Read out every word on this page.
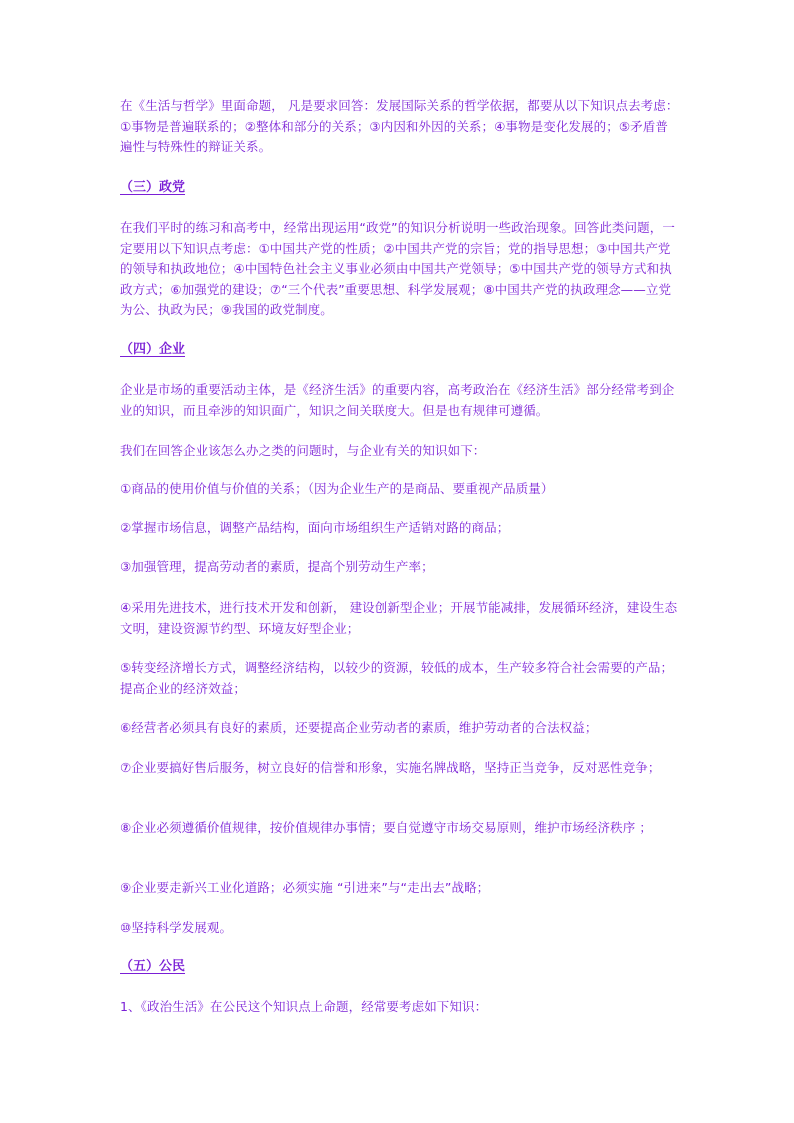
在《生活与哲学》里面命题， 凡是要求回答：发展国际关系的哲学依据，都要从以下知识点去考虑：①事物是普遍联系的；②整体和部分的关系；③内因和外因的关系；④事物是变化发展的；⑤矛盾普遍性与特殊性的辩证关系。
（三）政党
在我们平时的练习和高考中，经常出现运用“政党”的知识分析说明一些政治现象。回答此类问题，一定要用以下知识点考虑：①中国共产党的性质；②中国共产党的宗旨；党的指导思想；③中国共产党的领导和执政地位；④中国特色社会主义事业必须由中国共产党领导；⑤中国共产党的领导方式和执政方式；⑥加强党的建设；⑦“三个代表”重要思想、科学发展观；⑧中国共产党的执政理念——立党为公、执政为民；⑨我国的政党制度。
（四）企业
企业是市场的重要活动主体，是《经济生活》的重要内容，高考政治在《经济生活》部分经常考到企业的知识，而且牵涉的知识面广，知识之间关联度大。但是也有规律可遵循。
我们在回答企业该怎么办之类的问题时，与企业有关的知识如下：
①商品的使用价值与价值的关系；（因为企业生产的是商品、要重视产品质量）
②掌握市场信息，调整产品结构，面向市场组织生产适销对路的商品；
③加强管理，提高劳动者的素质，提高个别劳动生产率；
④采用先进技术，进行技术开发和创新， 建设创新型企业；开展节能减排，发展循环经济，建设生态文明，建设资源节约型、环境友好型企业；
⑤转变经济增长方式，调整经济结构，以较少的资源，较低的成本，生产较多符合社会需要的产品；提高企业的经济效益；
⑥经营者必须具有良好的素质，还要提高企业劳动者的素质，维护劳动者的合法权益；
⑦企业要搞好售后服务，树立良好的信誉和形象，实施名牌战略，坚持正当竞争，反对恶性竞争；
⑧企业必须遵循价值规律，按价值规律办事情；要自觉遵守市场交易原则，维护市场经济秩序 ；
⑨企业要走新兴工业化道路；必须实施 “引进来”与“走出去”战略；
⑩坚持科学发展观。
（五）公民
1、《政治生活》在公民这个知识点上命题，经常要考虑如下知识：
